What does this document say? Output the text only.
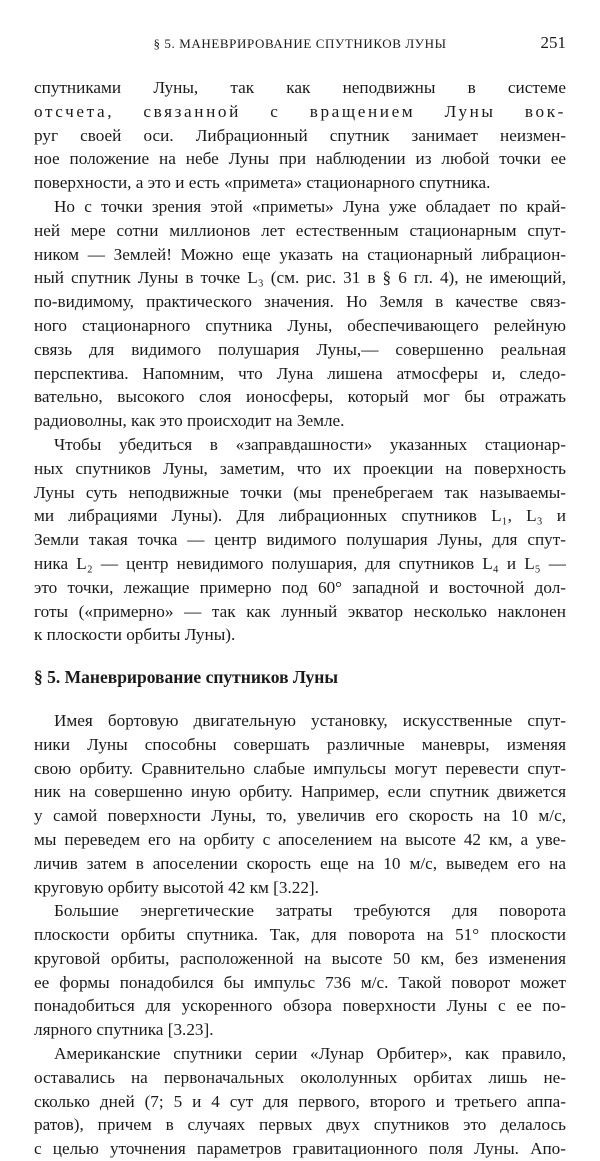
§ 5. МАНЕВРИРОВАНИЕ СПУТНИКОВ ЛУНЫ	251
спутниками Луны, так как неподвижны в системе
отсчета, связанной с вращением Луны вок-
руг своей оси. Либрационный спутник занимает неизмен-
ное положение на небе Луны при наблюдении из любой точки ее
поверхности, а это и есть «примета» стационарного спутника.
Но с точки зрения этой «приметы» Луна уже обладает по край-
ней мере сотни миллионов лет естественным стационарным спут-
ником — Землей! Можно еще указать на стационарный либрацион-
ный спутник Луны в точке L₃ (см. рис. 31 в § 6 гл. 4), не имеющий,
по-видимому, практического значения. Но Земля в качестве связ-
ного стационарного спутника Луны, обеспечивающего релейную
связь для видимого полушария Луны,— совершенно реальная
перспектива. Напомним, что Луна лишена атмосферы и, следо-
вательно, высокого слоя ионосферы, который мог бы отражать
радиоволны, как это происходит на Земле.
Чтобы убедиться в «заправдашности» указанных стационар-
ных спутников Луны, заметим, что их проекции на поверхность
Луны суть неподвижные точки (мы пренебрегаем так называемы-
ми либрациями Луны). Для либрационных спутников L₁, L₃ и
Земли такая точка — центр видимого полушария Луны, для спут-
ника L₂ — центр невидимого полушария, для спутников L₄ и L₅ —
это точки, лежащие примерно под 60° западной и восточной дол-
готы («примерно» — так как лунный экватор несколько наклонен
к плоскости орбиты Луны).
§ 5. Маневрирование спутников Луны
Имея бортовую двигательную установку, искусственные спут-
ники Луны способны совершать различные маневры, изменяя
свою орбиту. Сравнительно слабые импульсы могут перевести спут-
ник на совершенно иную орбиту. Например, если спутник движется
у самой поверхности Луны, то, увеличив его скорость на 10 м/с,
мы переведем его на орбиту с апоселением на высоте 42 км, а уве-
личив затем в апоселении скорость еще на 10 м/с, выведем его на
круговую орбиту высотой 42 км [3.22].
Большие энергетические затраты требуются для поворота
плоскости орбиты спутника. Так, для поворота на 51° плоскости
круговой орбиты, расположенной на высоте 50 км, без изменения
ее формы понадобился бы импульс 736 м/с. Такой поворот может
понадобиться для ускоренного обзора поверхности Луны с ее по-
лярного спутника [3.23].
Американские спутники серии «Лунар Орбитер», как правило,
оставались на первоначальных окололунных орбитах лишь не-
сколько дней (7; 5 и 4 сут для первого, второго и третьего аппа-
ратов), причем в случаях первых двух спутников это делалось
с целью уточнения параметров гравитационного поля Луны. Апо-
